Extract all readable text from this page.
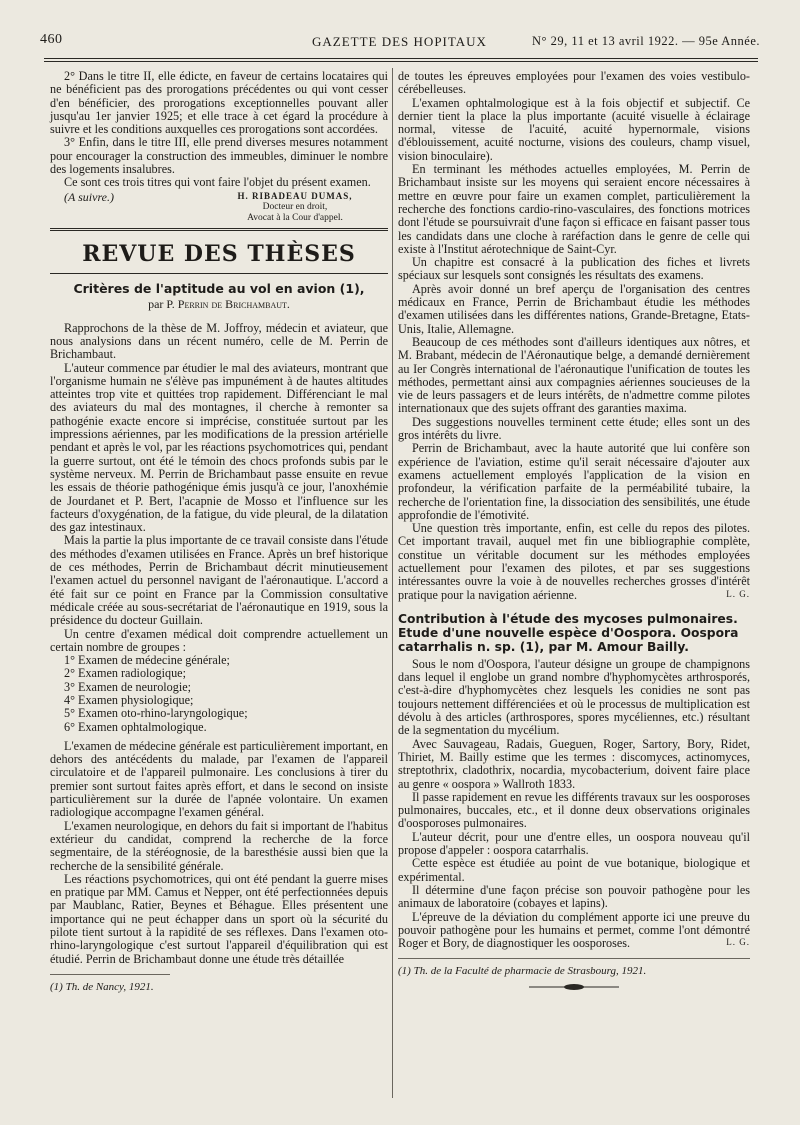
460	GAZETTE DES HOPITAUX	N° 29, 11 et 13 avril 1922. — 95e Année.

2° Dans le titre II, elle édicte, en faveur de certains locataires qui ne bénéficient pas des prorogations précédentes ou qui vont cesser d'en bénéficier, des prorogations exceptionnelles pouvant aller jusqu'au 1er janvier 1925; et elle trace à cet égard la procédure à suivre et les conditions auxquelles ces prorogations sont accordées.

3° Enfin, dans le titre III, elle prend diverses mesures notamment pour encourager la construction des immeubles, diminuer le nombre des logements insalubres.

Ce sont ces trois titres qui vont faire l'objet du présent examen.

(A suivre.)	H. RIBADEAU DUMAS,
Docteur en droit,
Avocat à la Cour d'appel.
REVUE DES THÈSES
Critères de l'aptitude au vol en avion (1),
par P. Perrin de Brichambaut.

Rapprochons de la thèse de M. Joffroy, médecin et aviateur, que nous analysions dans un récent numéro, celle de M. Perrin de Brichambaut.

L'auteur commence par étudier le mal des aviateurs, montrant que l'organisme humain ne s'élève pas impunément à de hautes altitudes atteintes trop vite et quittées trop rapidement. Différenciant le mal des aviateurs du mal des montagnes, il cherche à remonter sa pathogénie exacte encore si imprécise, constituée surtout par les impressions aériennes, par les modifications de la pression artérielle pendant et après le vol, par les réactions psychomotrices qui, pendant la guerre surtout, ont été le témoin des chocs profonds subis par le système nerveux. M. Perrin de Brichambaut passe ensuite en revue les essais de théorie pathogénique émis jusqu'à ce jour, l'anoxhémie de Jourdanet et P. Bert, l'acapnie de Mosso et l'influence sur les facteurs d'oxygénation, de la fatigue, du vide pleural, de la dilatation des gaz intestinaux.

Mais la partie la plus importante de ce travail consiste dans l'étude des méthodes d'examen utilisées en France. Après un bref historique de ces méthodes, Perrin de Brichambaut décrit minutieusement l'examen actuel du personnel navigant de l'aéronautique. L'accord a été fait sur ce point en France par la Commission consultative médicale créée au sous-secrétariat de l'aéronautique en 1919, sous la présidence du docteur Guillain.

Un centre d'examen médical doit comprendre actuellement un certain nombre de groupes :

1° Examen de médecine générale;
2° Examen radiologique;
3° Examen de neurologie;
4° Examen physiologique;
5° Examen oto-rhino-laryngologique;
6° Examen ophtalmologique.

L'examen de médecine générale est particulièrement important, en dehors des antécédents du malade, par l'examen de l'appareil circulatoire et de l'appareil pulmonaire. Les conclusions à tirer du premier sont surtout faites après effort, et dans le second on insiste particulièrement sur la durée de l'apnée volontaire. Un examen radiologique accompagne l'examen général.

L'examen neurologique, en dehors du fait si important de l'habitus extérieur du candidat, comprend la recherche de la force segmentaire, de la stéréognosie, de la baresthésie aussi bien que la recherche de la sensibilité générale.

Les réactions psychomotrices, qui ont été pendant la guerre mises en pratique par MM. Camus et Nepper, ont été perfectionnées depuis par Maublanc, Ratier, Beynes et Béhague. Elles présentent une importance qui ne peut échapper dans un sport où la sécurité du pilote tient surtout à la rapidité de ses réflexes. Dans l'examen oto-rhino-laryngologique c'est surtout l'appareil d'équilibration qui est étudié. Perrin de Brichambaut donne une étude très détaillée

(1) Th. de Nancy, 1921.

de toutes les épreuves employées pour l'examen des voies vestibulo-cérébelleuses.

L'examen ophtalmologique est à la fois objectif et subjectif. Ce dernier tient la place la plus importante (acuité visuelle à éclairage normal, vitesse de l'acuité, acuité hypernormale, visions d'éblouissement, acuité nocturne, visions des couleurs, champ visuel, vision binoculaire).

En terminant les méthodes actuelles employées, M. Perrin de Brichambaut insiste sur les moyens qui seraient encore nécessaires à mettre en œuvre pour faire un examen complet, particulièrement la recherche des fonctions cardio-rino-vasculaires, des fonctions motrices dont l'étude se poursuivrait d'une façon si efficace en faisant passer tous les candidats dans une cloche à raréfaction dans le genre de celle qui existe à l'Institut aérotechnique de Saint-Cyr.

Un chapitre est consacré à la publication des fiches et livrets spéciaux sur lesquels sont consignés les résultats des examens.

Après avoir donné un bref aperçu de l'organisation des centres médicaux en France, Perrin de Brichambaut étudie les méthodes d'examen utilisées dans les différentes nations, Grande-Bretagne, Etats-Unis, Italie, Allemagne.

Beaucoup de ces méthodes sont d'ailleurs identiques aux nôtres, et M. Brabant, médecin de l'Aéronautique belge, a demandé dernièrement au Ier Congrès international de l'aéronautique l'unification de toutes les méthodes, permettant ainsi aux compagnies aériennes soucieuses de la vie de leurs passagers et de leurs intérêts, de n'admettre comme pilotes internationaux que des sujets offrant des garanties maxima.

Des suggestions nouvelles terminent cette étude; elles sont un des gros intérêts du livre.

Perrin de Brichambaut, avec la haute autorité que lui confère son expérience de l'aviation, estime qu'il serait nécessaire d'ajouter aux examens actuellement employés l'application de la vision en profondeur, la vérification parfaite de la perméabilité tubaire, la recherche de l'orientation fine, la dissociation des sensibilités, une étude approfondie de l'émotivité.

Une question très importante, enfin, est celle du repos des pilotes. Cet important travail, auquel met fin une bibliographie complète, constitue un véritable document sur les méthodes employées actuellement pour l'examen des pilotes, et par ses suggestions intéressantes ouvre la voie à de nouvelles recherches grosses d'intérêt pratique pour la navigation aérienne.	L. G.
Contribution à l'étude des mycoses pulmonaires. Etude d'une nouvelle espèce d'Oospora. Oospora catarrhalis n. sp. (1), par M. Amour Bailly.

Sous le nom d'Oospora, l'auteur désigne un groupe de champignons dans lequel il englobe un grand nombre d'hyphomycètes arthrosporés, c'est-à-dire d'hyphomycètes chez lesquels les conidies ne sont pas toujours nettement différenciées et où le processus de multiplication est dévolu à des articles (arthrospores, spores mycéliennes, etc.) résultant de la segmentation du mycélium.

Avec Sauvageau, Radais, Gueguen, Roger, Sartory, Bory, Ridet, Thiriet, M. Bailly estime que les termes : discomyces, actinomyces, streptothrix, cladothrix, nocardia, mycobacterium, doivent faire place au genre « oospora » Wallroth 1833.

Il passe rapidement en revue les différents travaux sur les oosporoses pulmonaires, buccales, etc., et il donne deux observations originales d'oosporoses pulmonaires.

L'auteur décrit, pour une d'entre elles, un oospora nouveau qu'il propose d'appeler : oospora catarrhalis.

Cette espèce est étudiée au point de vue botanique, biologique et expérimental.

Il détermine d'une façon précise son pouvoir pathogène pour les animaux de laboratoire (cobayes et lapins).

L'épreuve de la déviation du complément apporte ici une preuve du pouvoir pathogène pour les humains et permet, comme l'ont démontré Roger et Bory, de diagnostiquer les oosporoses.	L. G.
(1) Th. de la Faculté de pharmacie de Strasbourg, 1921.
